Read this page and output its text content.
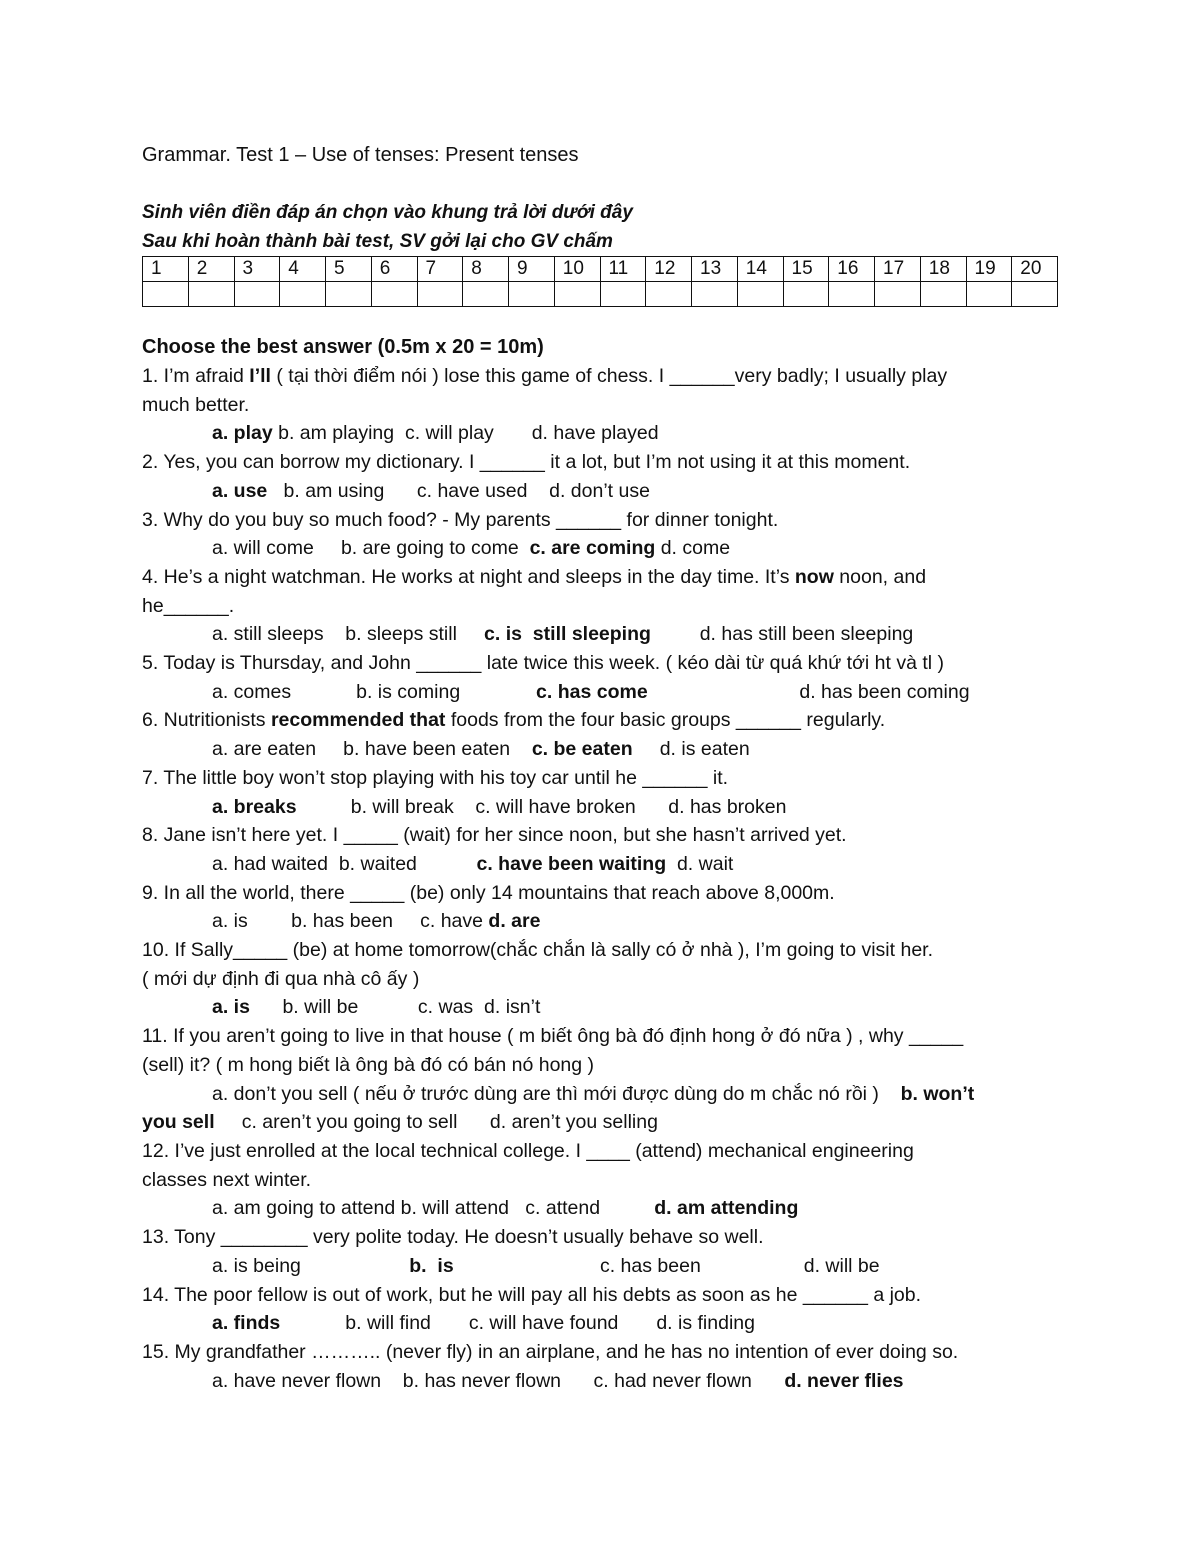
Grammar. Test 1 – Use of tenses: Present tenses

Sinh viên điền đáp án chọn vào khung trả lời dưới đây

Sau khi hoàn thành bài test, SV gởi lại cho GV chấm

1	2	3	4	5	6	7	8	9	10	11	12	13	14	15	16	17	18	19	20

Choose the best answer (0.5m x 20 = 10m)
1. I’m afraid I’ll ( tại thời điểm nói ) lose this game of chess. I ______very badly; I usually play
much better.
a. play b. am playing  c. will play       d. have played
2. Yes, you can borrow my dictionary. I ______ it a lot, but I’m not using it at this moment.
a. use   b. am using      c. have used    d. don’t use
3. Why do you buy so much food? - My parents ______ for dinner tonight.
a. will come     b. are going to come  c. are coming d. come
4. He’s a night watchman. He works at night and sleeps in the day time. It’s now noon, and
he______.
a. still sleeps    b. sleeps still     c. is  still sleeping         d. has still been sleeping
5. Today is Thursday, and John ______ late twice this week. ( kéo dài từ quá khứ tới ht và tl )
a. comes            b. is coming              c. has come                            d. has been coming
6. Nutritionists recommended that foods from the four basic groups ______ regularly.
a. are eaten     b. have been eaten    c. be eaten     d. is eaten
7. The little boy won’t stop playing with his toy car until he ______ it.
a. breaks          b. will break    c. will have broken      d. has broken
8. Jane isn’t here yet. I _____ (wait) for her since noon, but she hasn’t arrived yet.
a. had waited  b. waited           c. have been waiting  d. wait
9. In all the world, there _____ (be) only 14 mountains that reach above 8,000m.
a. is        b. has been     c. have d. are
10. If Sally_____ (be) at home tomorrow(chắc chắn là sally có ở nhà ), I’m going to visit her.
( mới dự định đi qua nhà cô ấy )
a. is      b. will be           c. was  d. isn’t
11. If you aren’t going to live in that house ( m biết ông bà đó định hong ở đó nữa ) , why _____
(sell) it? ( m hong biết là ông bà đó có bán nó hong )
a. don’t you sell ( nếu ở trước dùng are thì mới được dùng do m chắc nó rồi )    b. won’t
you sell     c. aren’t you going to sell      d. aren’t you selling
12. I’ve just enrolled at the local technical college. I ____ (attend) mechanical engineering
classes next winter.
a. am going to attend b. will attend   c. attend          d. am attending
13. Tony ________ very polite today. He doesn’t usually behave so well.
a. is being                    b.  is                           c. has been                   d. will be
14. The poor fellow is out of work, but he will pay all his debts as soon as he ______ a job.
a. finds            b. will find       c. will have found       d. is finding
15. My grandfather ……….. (never fly) in an airplane, and he has no intention of ever doing so.
a. have never flown    b. has never flown      c. had never flown      d. never flies
